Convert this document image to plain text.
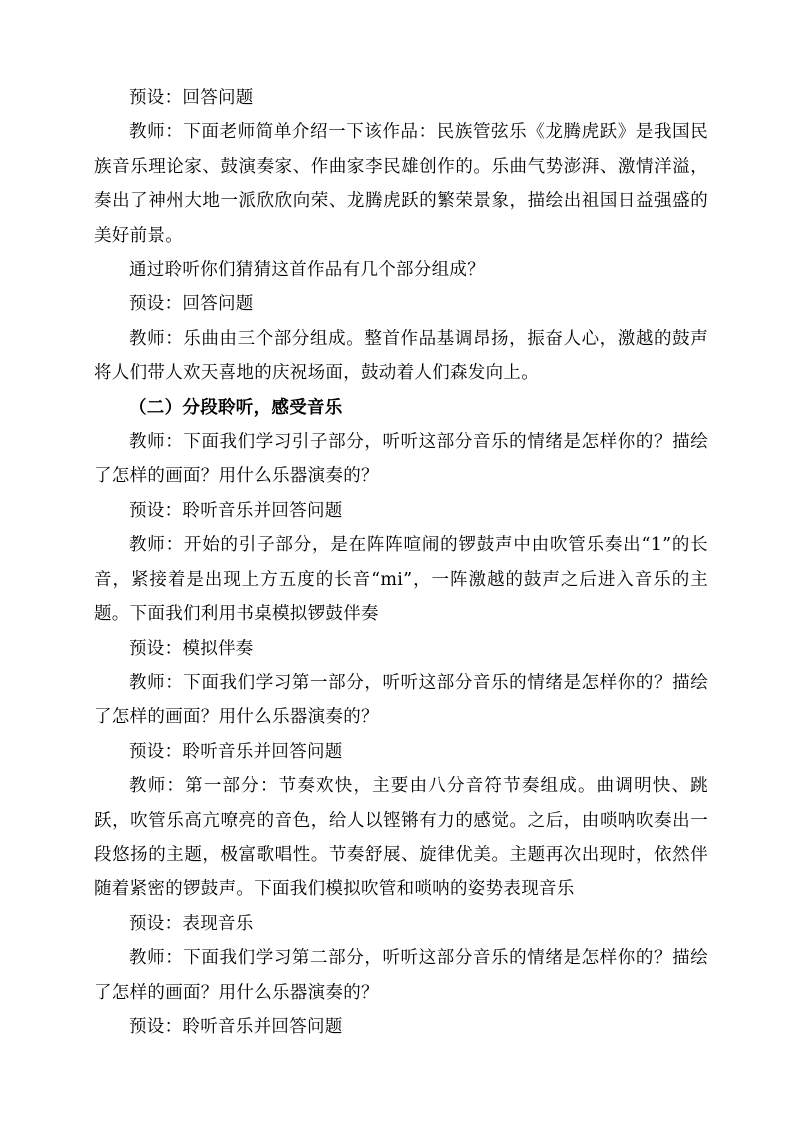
预设：回答问题

教师：下面老师简单介绍一下该作品：民族管弦乐《龙腾虎跃》是我国民族音乐理论家、鼓演奏家、作曲家李民雄创作的。乐曲气势澎湃、激情洋溢，奏出了神州大地一派欣欣向荣、龙腾虎跃的繁荣景象，描绘出祖国日益强盛的美好前景。

通过聆听你们猜猜这首作品有几个部分组成？

预设：回答问题

教师：乐曲由三个部分组成。整首作品基调昂扬，振奋人心，激越的鼓声将人们带人欢天喜地的庆祝场面，鼓动着人们森发向上。

（二）分段聆听，感受音乐

教师：下面我们学习引子部分，听听这部分音乐的情绪是怎样你的？描绘了怎样的画面？用什么乐器演奏的？

预设：聆听音乐并回答问题

教师：开始的引子部分，是在阵阵喧闹的锣鼓声中由吹管乐奏出“1”的长音，紧接着是出现上方五度的长音“mi”，一阵激越的鼓声之后进入音乐的主题。下面我们利用书桌模拟锣鼓伴奏

预设：模拟伴奏

教师：下面我们学习第一部分，听听这部分音乐的情绪是怎样你的？描绘了怎样的画面？用什么乐器演奏的？

预设：聆听音乐并回答问题

教师：第一部分：节奏欢快，主要由八分音符节奏组成。曲调明快、跳跃，吹管乐高亢嘹亮的音色，给人以铿锵有力的感觉。之后，由唢呐吹奏出一段悠扬的主题，极富歌唱性。节奏舒展、旋律优美。主题再次出现时，依然伴随着紧密的锣鼓声。下面我们模拟吹管和唢呐的姿势表现音乐

预设：表现音乐

教师：下面我们学习第二部分，听听这部分音乐的情绪是怎样你的？描绘了怎样的画面？用什么乐器演奏的？

预设：聆听音乐并回答问题
